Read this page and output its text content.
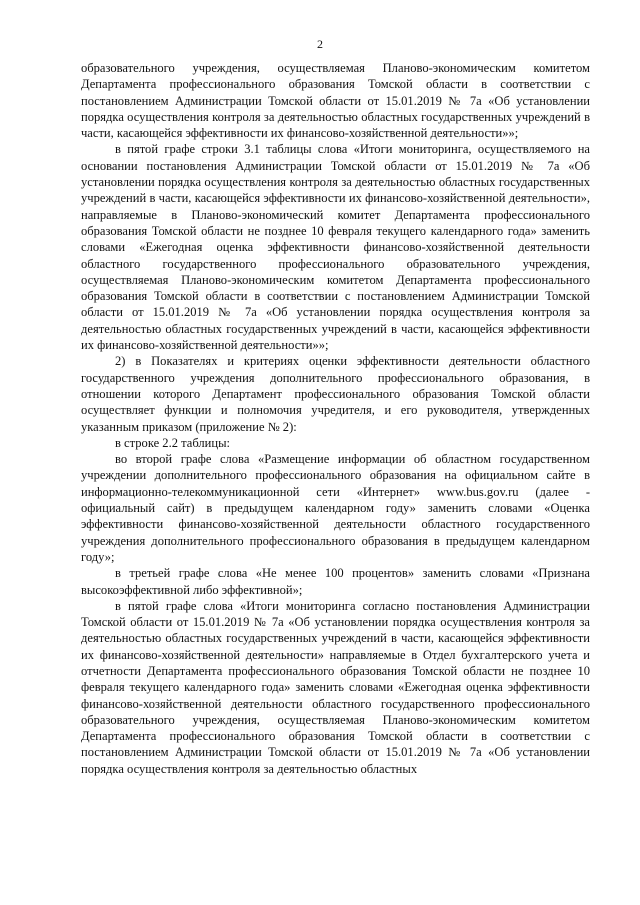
2

образовательного учреждения, осуществляемая Планово-экономическим комитетом Департамента профессионального образования Томской области в соответствии с постановлением Администрации Томской области от 15.01.2019 № 7а «Об установлении порядка осуществления контроля за деятельностью областных государственных учреждений в части, касающейся эффективности их финансово-хозяйственной деятельности»»;

в пятой графе строки 3.1 таблицы слова «Итоги мониторинга, осуществляемого на основании постановления Администрации Томской области от 15.01.2019 № 7а «Об установлении порядка осуществления контроля за деятельностью областных государственных учреждений в части, касающейся эффективности их финансово-хозяйственной деятельности», направляемые в Планово-экономический комитет Департамента профессионального образования Томской области не позднее 10 февраля текущего календарного года» заменить словами «Ежегодная оценка эффективности финансово-хозяйственной деятельности областного государственного профессионального образовательного учреждения, осуществляемая Планово-экономическим комитетом Департамента профессионального образования Томской области в соответствии с постановлением Администрации Томской области от 15.01.2019 № 7а «Об установлении порядка осуществления контроля за деятельностью областных государственных учреждений в части, касающейся эффективности их финансово-хозяйственной деятельности»»;

2) в Показателях и критериях оценки эффективности деятельности областного государственного учреждения дополнительного профессионального образования, в отношении которого Департамент профессионального образования Томской области осуществляет функции и полномочия учредителя, и его руководителя, утвержденных указанным приказом (приложение № 2):

в строке 2.2 таблицы:

во второй графе слова «Размещение информации об областном государственном учреждении дополнительного профессионального образования на официальном сайте в информационно-телекоммуникационной сети «Интернет» www.bus.gov.ru (далее - официальный сайт) в предыдущем календарном году» заменить словами «Оценка эффективности финансово-хозяйственной деятельности областного государственного учреждения дополнительного профессионального образования в предыдущем календарном году»;

в третьей графе слова «Не менее 100 процентов» заменить словами «Признана высокоэффективной либо эффективной»;

в пятой графе слова «Итоги мониторинга согласно постановления Администрации Томской области от 15.01.2019 № 7а «Об установлении порядка осуществления контроля за деятельностью областных государственных учреждений в части, касающейся эффективности их финансово-хозяйственной деятельности» направляемые в Отдел бухгалтерского учета и отчетности Департамента профессионального образования Томской области не позднее 10 февраля текущего календарного года» заменить словами «Ежегодная оценка эффективности финансово-хозяйственной деятельности областного государственного профессионального образовательного учреждения, осуществляемая Планово-экономическим комитетом Департамента профессионального образования Томской области в соответствии с постановлением Администрации Томской области от 15.01.2019 № 7а «Об установлении порядка осуществления контроля за деятельностью областных
